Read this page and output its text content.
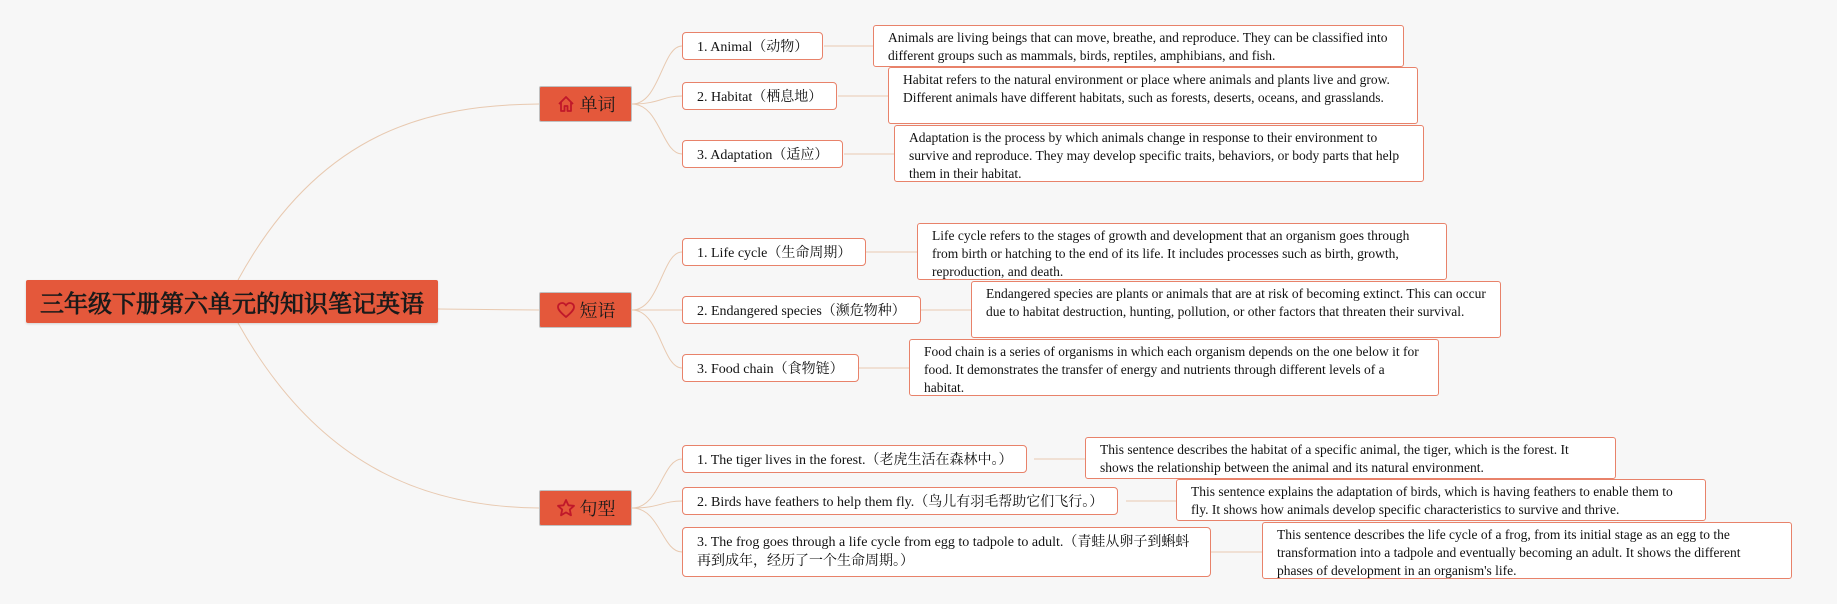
三年级下册第六单元的知识笔记英语
单词
1. Animal（动物）
2. Habitat（栖息地）
3. Adaptation（适应）
Animals are living beings that can move, breathe, and reproduce. They can be classified into different groups such as mammals, birds, reptiles, amphibians, and fish.
Habitat refers to the natural environment or place where animals and plants live and grow. Different animals have different habitats, such as forests, deserts, oceans, and grasslands.
Adaptation is the process by which animals change in response to their environment to survive and reproduce. They may develop specific traits, behaviors, or body parts that help them in their habitat.
短语
1. Life cycle（生命周期）
2. Endangered species（濒危物种）
3. Food chain（食物链）
Life cycle refers to the stages of growth and development that an organism goes through from birth or hatching to the end of its life. It includes processes such as birth, growth, reproduction, and death.
Endangered species are plants or animals that are at risk of becoming extinct. This can occur due to habitat destruction, hunting, pollution, or other factors that threaten their survival.
Food chain is a series of organisms in which each organism depends on the one below it for food. It demonstrates the transfer of energy and nutrients through different levels of a habitat.
句型
1. The tiger lives in the forest.（老虎生活在森林中。）
2. Birds have feathers to help them fly.（鸟儿有羽毛帮助它们飞行。）
3. The frog goes through a life cycle from egg to tadpole to adult.（青蛙从卵子到蝌蚪再到成年，经历了一个生命周期。）
This sentence describes the habitat of a specific animal, the tiger, which is the forest. It shows the relationship between the animal and its natural environment.
This sentence explains the adaptation of birds, which is having feathers to enable them to fly. It shows how animals develop specific characteristics to survive and thrive.
This sentence describes the life cycle of a frog, from its initial stage as an egg to the transformation into a tadpole and eventually becoming an adult. It shows the different phases of development in an organism's life.
